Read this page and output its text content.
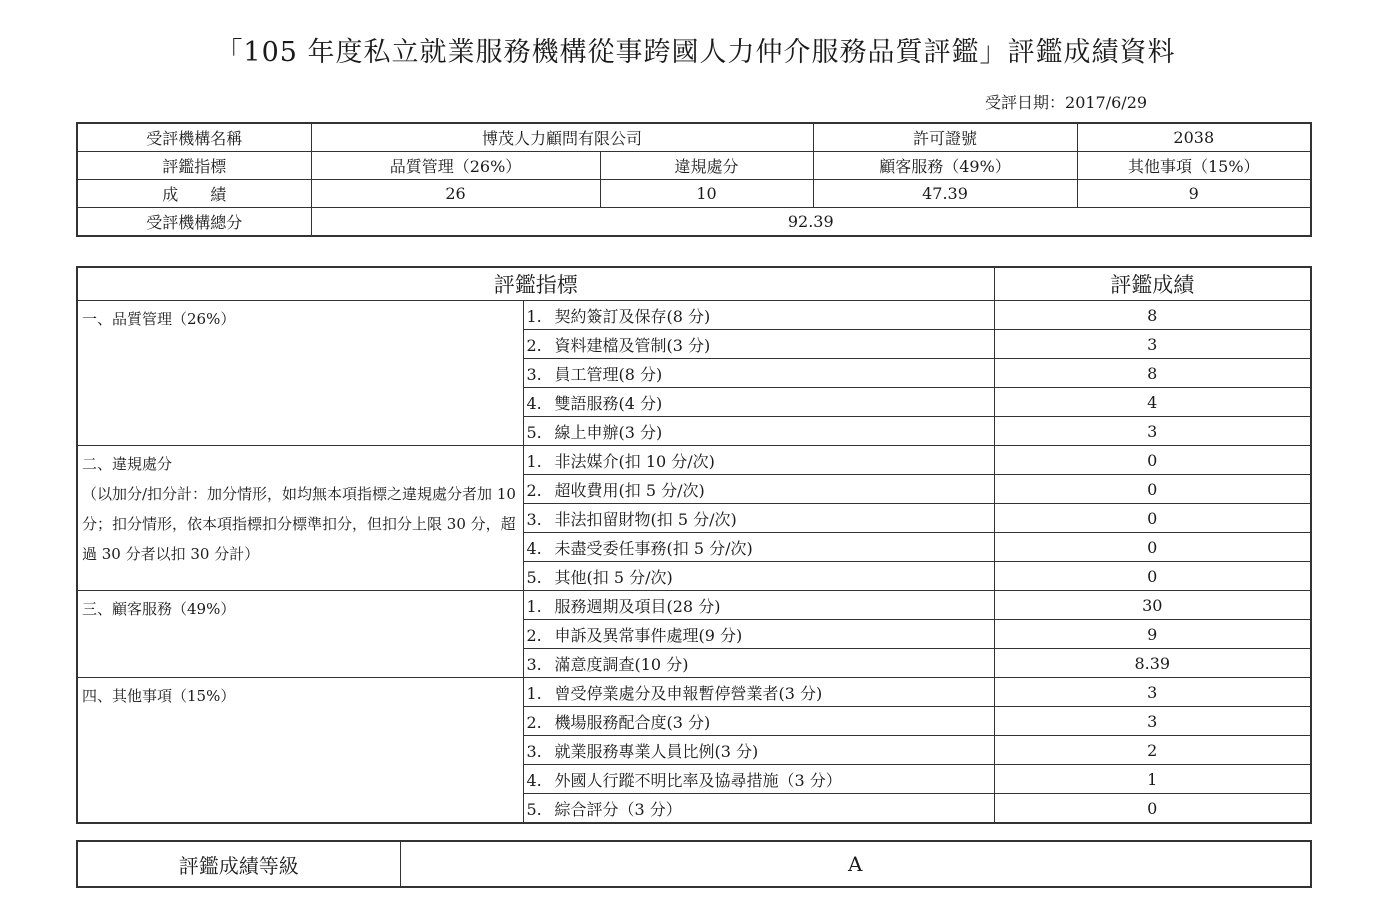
「105 年度私立就業服務機構從事跨國人力仲介服務品質評鑑」評鑑成績資料
受評日期：2017/6/29
受評機構名稱	博茂人力顧問有限公司		許可證號	2038
評鑑指標	品質管理（26%）	違規處分	顧客服務（49%）	其他事項（15%）
成　　績	26	10	47.39	9
受評機構總分	92.39			
評鑑指標		評鑑成績

一、品質管理（26%）	1. 契約簽訂及保存(8 分)	8
	2. 資料建檔及管制(3 分)	3
	3. 員工管理(8 分)	8
	4. 雙語服務(4 分)	4
	5. 線上申辦(3 分)	3

二、違規處分
（以加分/扣分計：加分情形，如均無本項指標之違規處分者加 10 分；扣分情形，依本項指標扣分標準扣分，但扣分上限 30 分，超過 30 分者以扣 30 分計）	1. 非法媒介(扣 10 分/次)	0
	2. 超收費用(扣 5 分/次)	0
	3. 非法扣留財物(扣 5 分/次)	0
	4. 未盡受委任事務(扣 5 分/次)	0
	5. 其他(扣 5 分/次)	0

三、顧客服務（49%）	1. 服務週期及項目(28 分)	30
	2. 申訴及異常事件處理(9 分)	9
	3. 滿意度調查(10 分)	8.39

四、其他事項（15%）	1. 曾受停業處分及申報暫停營業者(3 分)	3
	2. 機場服務配合度(3 分)	3
	3. 就業服務專業人員比例(3 分)	2
	4. 外國人行蹤不明比率及協尋措施（3 分）	1
	5. 綜合評分（3 分）	0
評鑑成績等級	A
